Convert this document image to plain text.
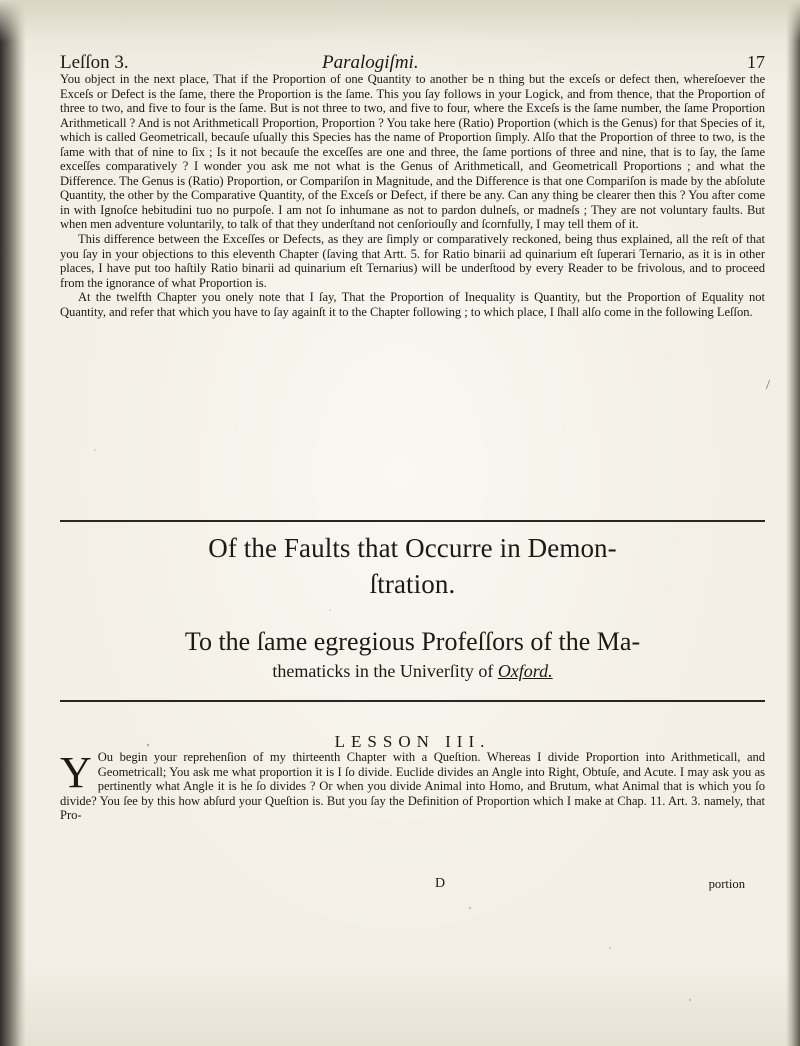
Leſſon 3.	Paralogiſmi.	17

You object in the next place, That if the Proportion of one Quantity to another be n thing but the exceſs or defect then, whereſoever the Exceſs or Defect is the ſame, there the Proportion is the ſame. This you ſay follows in your Logick, and from thence, that the Proportion of three to two, and five to four is the ſame. But is not three to two, and five to four, where the Exceſs is the ſame number, the ſame Proportion Arithmeticall ? And is not Arithmeticall Proportion, Proportion ? You take here (Ratio) Proportion (which is the Genus) for that Species of it, which is called Geometricall, becauſe uſually this Species has the name of Proportion ſimply. Alſo that the Proportion of three to two, is the ſame with that of nine to ſix ; Is it not becauſe the exceſſes are one and three, the ſame portions of three and nine, that is to ſay, the ſame exceſſes comparatively ? I wonder you ask me not what is the Genus of Arithmeticall, and Geometricall Proportions ; and what the Difference. The Genus is (Ratio) Proportion, or Compariſon in Magnitude, and the Difference is that one Compariſon is made by the abſolute Quantity, the other by the Comparative Quantity, of the Exceſs or Defect, if there be any. Can any thing be clearer then this ? You after come in with Ignoſce hebitudini tuo no purpoſe. I am not ſo inhumane as not to pardon dulneſs, or madneſs ; They are not voluntary faults. But when men adventure voluntarily, to talk of that they underſtand not cenſoriouſly and ſcornfully, I may tell them of it.

This difference between the Exceſſes or Defects, as they are ſimply or comparatively reckoned, being thus explained, all the reſt of that you ſay in your objections to this eleventh Chapter (ſaving that Artt. 5. for Ratio binarii ad quinarium eſt ſuperari Ternario, as it is in other places, I have put too haſtily Ratio binarii ad quinarium eſt Ternarius) will be underſtood by every Reader to be frivolous, and to proceed from the ignorance of what Proportion is.

At the twelfth Chapter you onely note that I ſay, That the Proportion of Inequality is Quantity, but the Proportion of Equality not Quantity, and refer that which you have to ſay againſt it to the Chapter following ; to which place, I ſhall alſo come in the following Leſſon.

/
Of the Faults that Occurre in Demon-
ſtration.
To the ſame egregious Profeſſors of the Ma-
thematicks in the Univerſity of Oxford.
LESSON III.

Y Ou begin your reprehenſion of my thirteenth Chapter with a Queſtion. Whereas I divide Proportion into Arithmeticall, and Geometricall; You ask me what proportion it is I ſo divide. Euclide divides an Angle into Right, Obtuſe, and Acute. I may ask you as pertinently what Angle it is he ſo divides ? Or when you divide Animal into Homo, and Brutum, what Animal that is which you ſo divide? You ſee by this how abſurd your Queſtion is. But you ſay the Definition of Proportion which I make at Chap. 11. Art. 3. namely, that Pro-

D	portion
